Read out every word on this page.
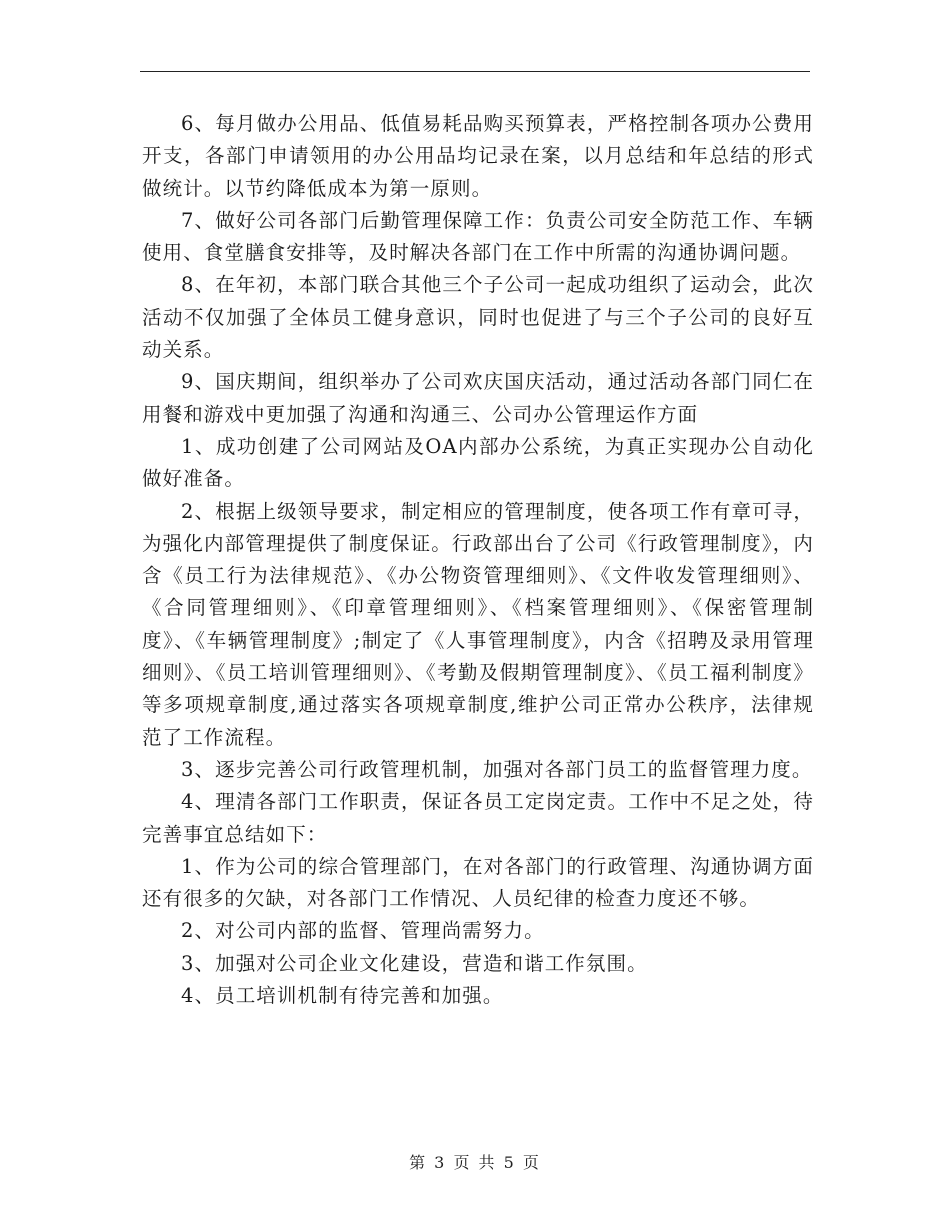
6、每月做办公用品、低值易耗品购买预算表，严格控制各项办公费用开支，各部门申请领用的办公用品均记录在案，以月总结和年总结的形式做统计。以节约降低成本为第一原则。

7、做好公司各部门后勤管理保障工作：负责公司安全防范工作、车辆使用、食堂膳食安排等，及时解决各部门在工作中所需的沟通协调问题。

8、在年初，本部门联合其他三个子公司一起成功组织了运动会，此次活动不仅加强了全体员工健身意识，同时也促进了与三个子公司的良好互动关系。

9、国庆期间，组织举办了公司欢庆国庆活动，通过活动各部门同仁在用餐和游戏中更加强了沟通和沟通三、公司办公管理运作方面

1、成功创建了公司网站及OA内部办公系统，为真正实现办公自动化做好准备。

2、根据上级领导要求，制定相应的管理制度，使各项工作有章可寻，为强化内部管理提供了制度保证。行政部出台了公司《行政管理制度》，内含《员工行为法律规范》、《办公物资管理细则》、《文件收发管理细则》、《合同管理细则》、《印章管理细则》、《档案管理细则》、《保密管理制度》、《车辆管理制度》;制定了《人事管理制度》，内含《招聘及录用管理细则》、《员工培训管理细则》、《考勤及假期管理制度》、《员工福利制度》等多项规章制度,通过落实各项规章制度,维护公司正常办公秩序，法律规范了工作流程。

3、逐步完善公司行政管理机制，加强对各部门员工的监督管理力度。

4、理清各部门工作职责，保证各员工定岗定责。工作中不足之处，待完善事宜总结如下：

1、作为公司的综合管理部门，在对各部门的行政管理、沟通协调方面还有很多的欠缺，对各部门工作情况、人员纪律的检查力度还不够。

2、对公司内部的监督、管理尚需努力。

3、加强对公司企业文化建设，营造和谐工作氛围。

4、员工培训机制有待完善和加强。

第 3 页 共 5 页
